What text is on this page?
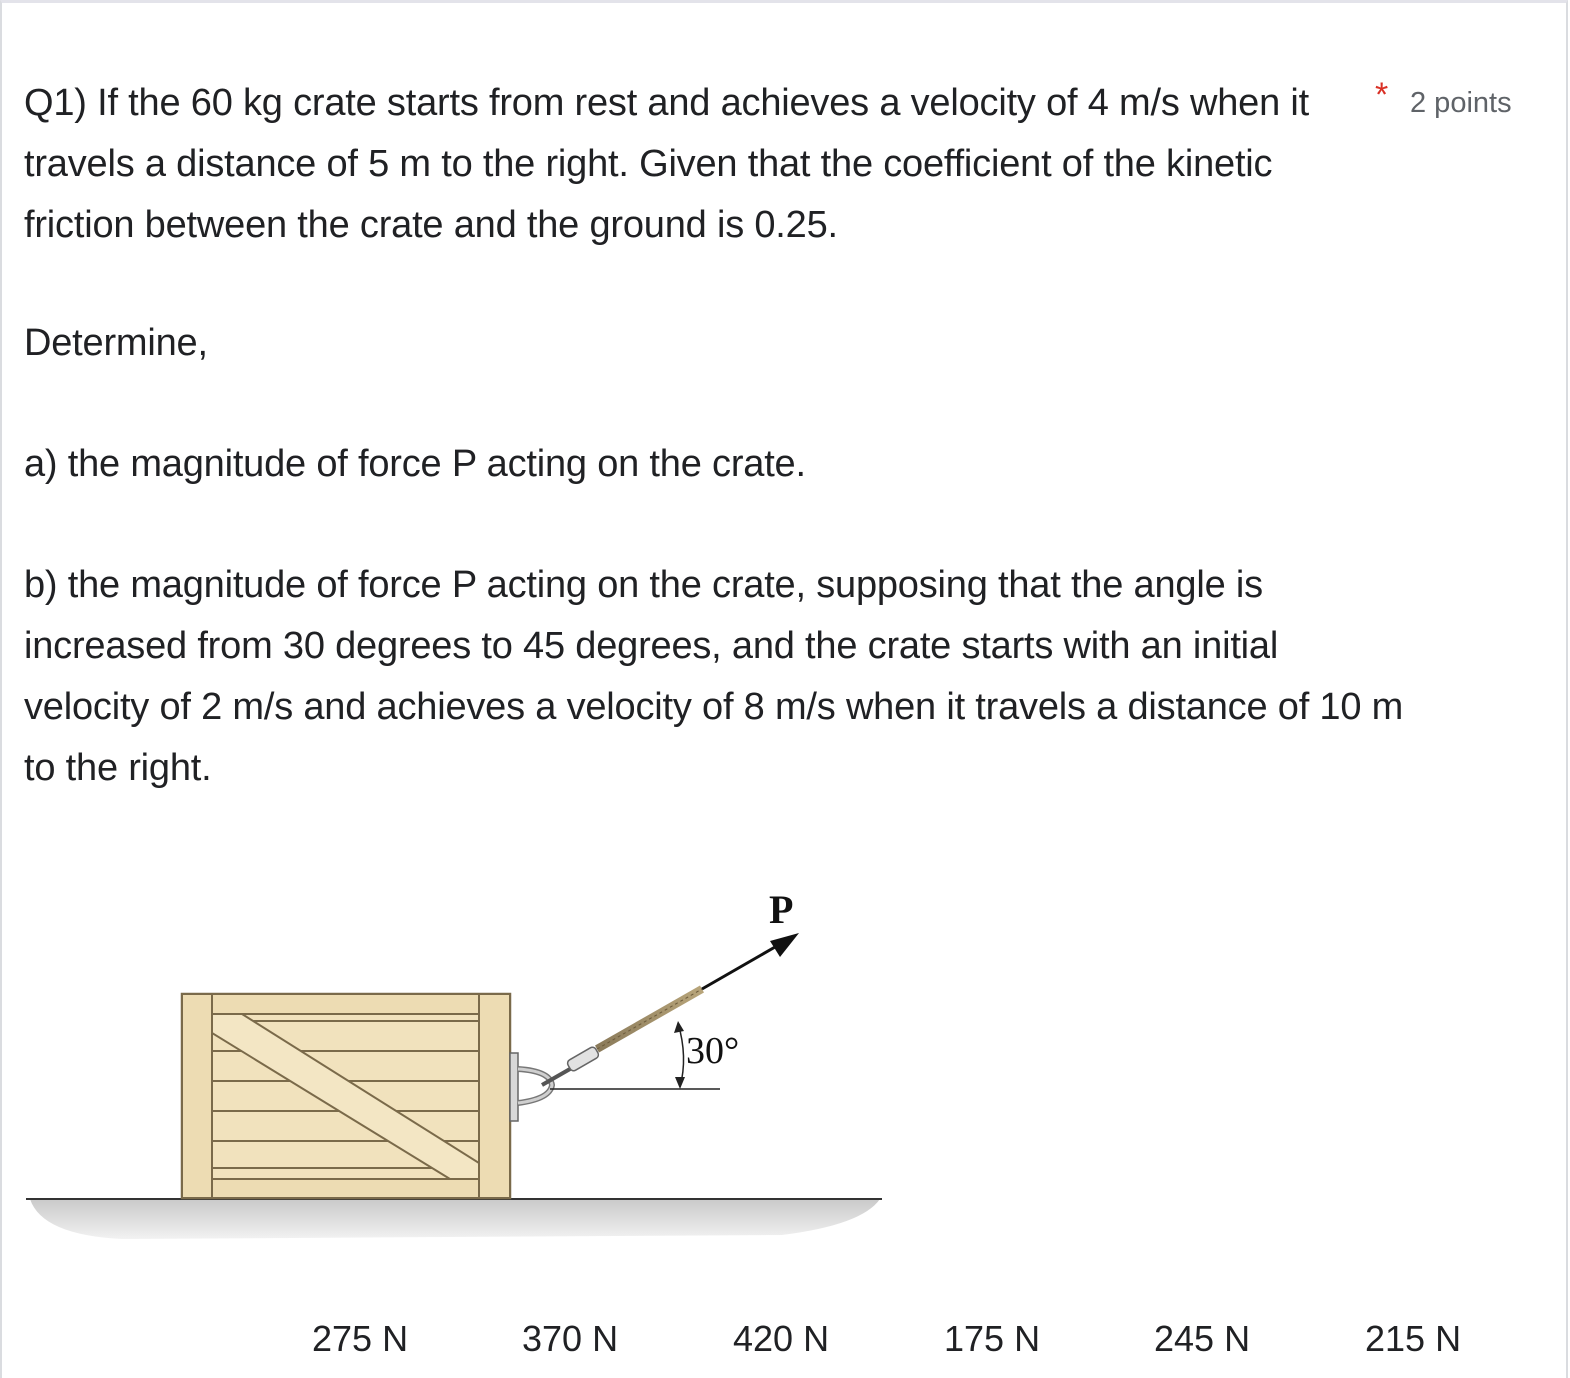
Q1) If the 60 kg crate starts from rest and achieves a velocity of 4 m/s when it travels a distance of 5 m to the right. Given that the coefficient of the kinetic friction between the crate and the ground is 0.25.
* 2 points

Determine,

a) the magnitude of force P acting on the crate.

b) the magnitude of force P acting on the crate, supposing that the angle is increased from 30 degrees to 45 degrees, and the crate starts with an initial velocity of 2 m/s and achieves a velocity of 8 m/s when it travels a distance of 10 m to the right.

P
30°
275 N	370 N	420 N	175 N	245 N	215 N
